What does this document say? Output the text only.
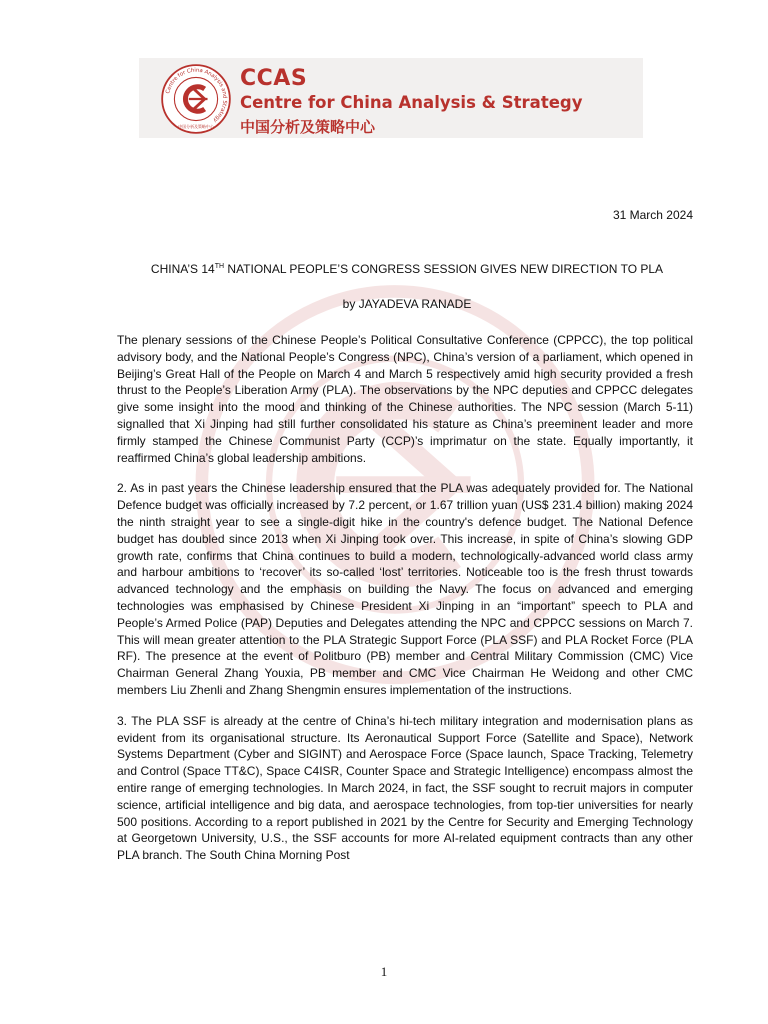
Centre for China Analysis and Strategy
中国分析及策略中心
CCAS
Centre for China Analysis & Strategy
中国分析及策略中心
31 March 2024
CHINA’S 14TH NATIONAL PEOPLE’S CONGRESS SESSION GIVES NEW DIRECTION TO PLA
by JAYADEVA RANADE

The plenary sessions of the Chinese People’s Political Consultative Conference (CPPCC), the top political advisory body, and the National People’s Congress (NPC), China’s version of a parliament, which opened in Beijing’s Great Hall of the People on March 4 and March 5 respectively amid high security provided a fresh thrust to the People’s Liberation Army (PLA). The observations by the NPC deputies and CPPCC delegates give some insight into the mood and thinking of the Chinese authorities. The NPC session (March 5-11) signalled that Xi Jinping had still further consolidated his stature as China’s preeminent leader and more firmly stamped the Chinese Communist Party (CCP)’s imprimatur on the state. Equally importantly, it reaffirmed China’s global leadership ambitions.

2. As in past years the Chinese leadership ensured that the PLA was adequately provided for. The National Defence budget was officially increased by 7.2 percent, or 1.67 trillion yuan (US$ 231.4 billion) making 2024 the ninth straight year to see a single-digit hike in the country's defence budget. The National Defence budget has doubled since 2013 when Xi Jinping took over. This increase, in spite of China’s slowing GDP growth rate, confirms that China continues to build a modern, technologically-advanced world class army and harbour ambitions to ‘recover’ its so-called ‘lost’ territories. Noticeable too is the fresh thrust towards advanced technology and the emphasis on building the Navy. The focus on advanced and emerging technologies was emphasised by Chinese President Xi Jinping in an “important” speech to PLA and People’s Armed Police (PAP) Deputies and Delegates attending the NPC and CPPCC sessions on March 7. This will mean greater attention to the PLA Strategic Support Force (PLA SSF) and PLA Rocket Force (PLA RF). The presence at the event of Politburo (PB) member and Central Military Commission (CMC) Vice Chairman General Zhang Youxia, PB member and CMC Vice Chairman He Weidong and other CMC members Liu Zhenli and Zhang Shengmin ensures implementation of the instructions.

3. The PLA SSF is already at the centre of China’s hi-tech military integration and modernisation plans as evident from its organisational structure. Its Aeronautical Support Force (Satellite and Space), Network Systems Department (Cyber and SIGINT) and Aerospace Force (Space launch, Space Tracking, Telemetry and Control (Space TT&C), Space C4ISR, Counter Space and Strategic Intelligence) encompass almost the entire range of emerging technologies. In March 2024, in fact, the SSF sought to recruit majors in computer science, artificial intelligence and big data, and aerospace technologies, from top-tier universities for nearly 500 positions. According to a report published in 2021 by the Centre for Security and Emerging Technology at Georgetown University, U.S., the SSF accounts for more AI-related equipment contracts than any other PLA branch. The South China Morning Post

1
